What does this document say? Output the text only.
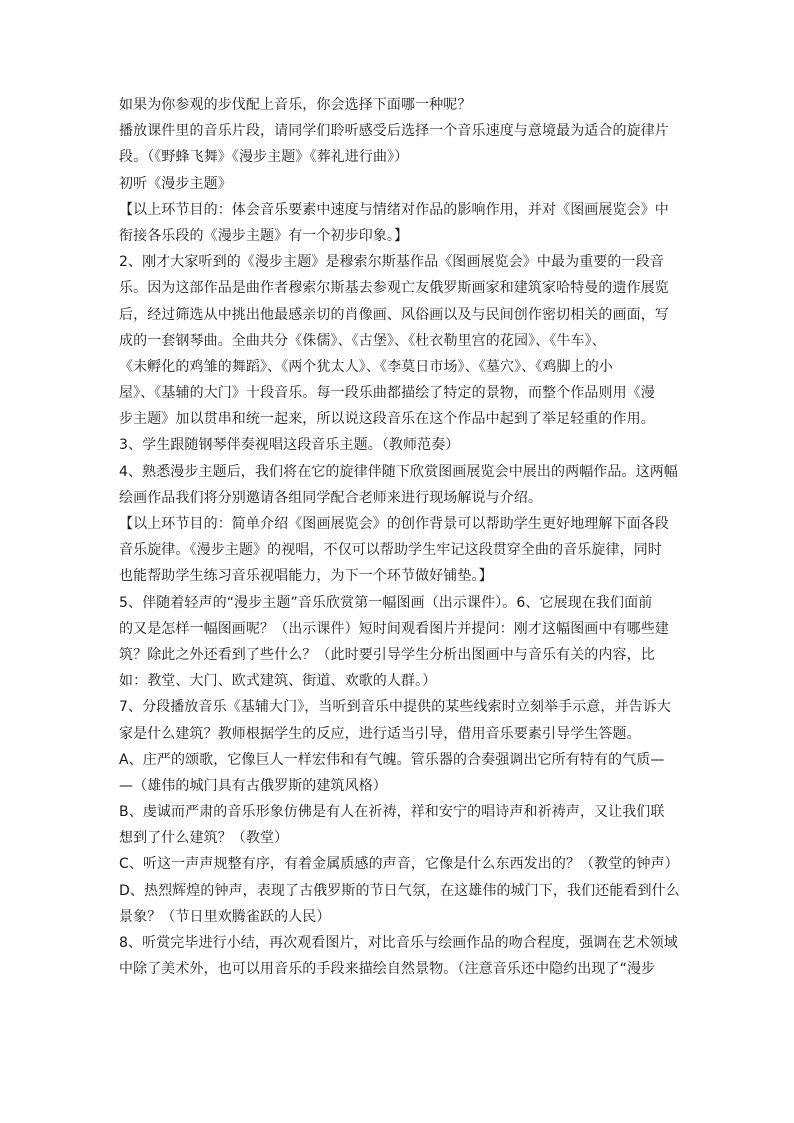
如果为你参观的步伐配上音乐，你会选择下面哪一种呢？
播放课件里的音乐片段，请同学们聆听感受后选择一个音乐速度与意境最为适合的旋律片
段。（《野蜂飞舞》《漫步主题》《葬礼进行曲》）
初听《漫步主题》
【以上环节目的：体会音乐要素中速度与情绪对作品的影响作用，并对《图画展览会》中
衔接各乐段的《漫步主题》有一个初步印象。】
2、刚才大家听到的《漫步主题》是穆索尔斯基作品《图画展览会》中最为重要的一段音
乐。因为这部作品是曲作者穆索尔斯基去参观亡友俄罗斯画家和建筑家哈特曼的遗作展览
后，经过筛选从中挑出他最感亲切的肖像画、风俗画以及与民间创作密切相关的画面，写
成的一套钢琴曲。全曲共分《侏儒》、《古堡》、《杜衣勒里宫的花园》、《牛车》、
《未孵化的鸡雏的舞蹈》、《两个犹太人》、《李莫日市场》、《墓穴》、《鸡脚上的小
屋》、《基辅的大门》十段音乐。每一段乐曲都描绘了特定的景物，而整个作品则用《漫
步主题》加以贯串和统一起来，所以说这段音乐在这个作品中起到了举足轻重的作用。
3、学生跟随钢琴伴奏视唱这段音乐主题。（教师范奏）
4、熟悉漫步主题后，我们将在它的旋律伴随下欣赏图画展览会中展出的两幅作品。这两幅
绘画作品我们将分别邀请各组同学配合老师来进行现场解说与介绍。
【以上环节目的：简单介绍《图画展览会》的创作背景可以帮助学生更好地理解下面各段
音乐旋律。《漫步主题》的视唱，不仅可以帮助学生牢记这段贯穿全曲的音乐旋律，同时
也能帮助学生练习音乐视唱能力，为下一个环节做好铺垫。】
5、伴随着轻声的“漫步主题”音乐欣赏第一幅图画（出示课件）。6、它展现在我们面前
的又是怎样一幅图画呢？（出示课件）短时间观看图片并提问：刚才这幅图画中有哪些建
筑？除此之外还看到了些什么？（此时要引导学生分析出图画中与音乐有关的内容，比
如：教堂、大门、欧式建筑、街道、欢歌的人群。）
7、分段播放音乐《基辅大门》，当听到音乐中提供的某些线索时立刻举手示意，并告诉大
家是什么建筑？教师根据学生的反应，进行适当引导，借用音乐要素引导学生答题。
A、庄严的颂歌，它像巨人一样宏伟和有气魄。管乐器的合奏强调出它所有特有的气质—
—（雄伟的城门具有古俄罗斯的建筑风格）
B、虔诚而严肃的音乐形象仿佛是有人在祈祷，祥和安宁的唱诗声和祈祷声，又让我们联
想到了什么建筑？（教堂）
C、听这一声声规整有序，有着金属质感的声音，它像是什么东西发出的？（教堂的钟声）
D、热烈辉煌的钟声，表现了古俄罗斯的节日气氛，在这雄伟的城门下，我们还能看到什么
景象？（节日里欢腾雀跃的人民）
8、听赏完毕进行小结，再次观看图片，对比音乐与绘画作品的吻合程度，强调在艺术领域
中除了美术外，也可以用音乐的手段来描绘自然景物。（注意音乐还中隐约出现了“漫步
